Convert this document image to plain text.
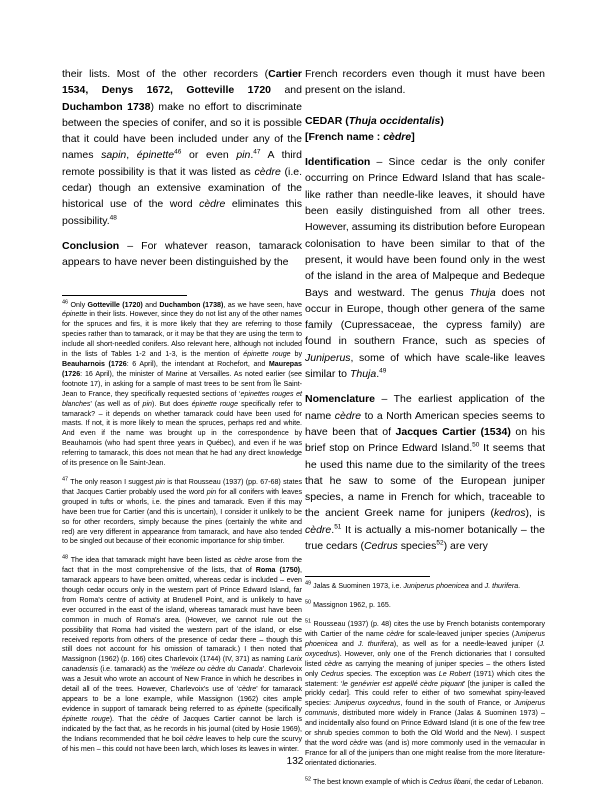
their lists. Most of the other recorders (Cartier 1534, Denys 1672, Gotteville 1720 and Duchambon 1738) make no effort to discriminate between the species of conifer, and so it is possible that it could have been included under any of the names sapin, épinette$^{46}$ or even pin.$^{47}$ A third remote possibility is that it was listed as cèdre (i.e. cedar) though an extensive examination of the historical use of the word cèdre eliminates this possibility.$^{48}$

Conclusion – For whatever reason, tamarack appears to have never been distinguished by the

$^{46}$ Only Gotteville (1720) and Duchambon (1738), as we have seen, have épinette in their lists. However, since they do not list any of the other names for the spruces and firs, it is more likely that they are referring to those species rather than to tamarack, or it may be that they are using the term to include all short-needled conifers. Also relevant here, although not included in the lists of Tables 1-2 and 1-3, is the mention of épinette rouge by Beauharnois (1726: 6 April), the intendant at Rochefort, and Maurepas (1726: 16 April), the minister of Marine at Versailles. As noted earlier (see footnote 17), in asking for a sample of mast trees to be sent from Île Saint-Jean to France, they specifically requested sections of ‘epinettes rouges et blanches’ (as well as of pin). But does épinette rouge specifically refer to tamarack? – it depends on whether tamarack could have been used for masts. If not, it is more likely to mean the spruces, perhaps red and white. And even if the name was brought up in the correspondence by Beauharnois (who had spent three years in Québec), and even if he was referring to tamarack, this does not mean that he had any direct knowledge of its presence on Île Saint-Jean.

$^{47}$ The only reason I suggest pin is that Rousseau (1937) (pp. 67-68) states that Jacques Cartier probably used the word pin for all conifers with leaves grouped in tufts or whorls, i.e. the pines and tamarack. Even if this may have been true for Cartier (and this is uncertain), I consider it unlikely to be so for other recorders, simply because the pines (certainly the white and red) are very different in appearance from tamarack, and have also tended to be singled out because of their economic importance for ship timber.

$^{48}$ The idea that tamarack might have been listed as cèdre arose from the fact that in the most comprehensive of the lists, that of Roma (1750), tamarack appears to have been omitted, whereas cedar is included – even though cedar occurs only in the western part of Prince Edward Island, far from Roma's centre of activity at Brudenell Point, and is unlikely to have ever occurred in the east of the island, whereas tamarack must have been common in much of Roma's area. (However, we cannot rule out the possibility that Roma had visited the western part of the island, or else received reports from others of the presence of cedar there – though this still does not account for his omission of tamarack.) I then noted that Massignon (1962) (p. 166) cites Charlevoix (1744) (IV, 371) as naming Larix canadensis (i.e. tamarack) as the ‘méleze ou cèdre du Canada’. Charlevoix was a Jesuit who wrote an account of New France in which he describes in detail all of the trees. However, Charlevoix's use of ‘cèdre’ for tamarack appears to be a lone example, while Massignon (1962) cites ample evidence in support of tamarack being referred to as épinette (specifically épinette rouge). That the cèdre of Jacques Cartier cannot be larch is indicated by the fact that, as he records in his journal (cited by Hosie 1969), the Indians recommended that he boil cèdre leaves to help cure the scurvy of his men – this could not have been larch, which loses its leaves in winter.

French recorders even though it must have been present on the island.

CEDAR (Thuja occidentalis)

[French name : cèdre]

Identification – Since cedar is the only conifer occurring on Prince Edward Island that has scale-like rather than needle-like leaves, it should have been easily distinguished from all other trees. However, assuming its distribution before European colonisation to have been similar to that of the present, it would have been found only in the west of the island in the area of Malpeque and Bedeque Bays and westward. The genus Thuja does not occur in Europe, though other genera of the same family (Cupressaceae, the cypress family) are found in southern France, such as species of Juniperus, some of which have scale-like leaves similar to Thuja.$^{49}$

Nomenclature – The earliest application of the name cèdre to a North American species seems to have been that of Jacques Cartier (1534) on his brief stop on Prince Edward Island.$^{50}$ It seems that he used this name due to the similarity of the trees that he saw to some of the European juniper species, a name in French for which, traceable to the ancient Greek name for junipers (kedros), is cèdre.$^{51}$ It is actually a mis-nomer botanically – the true cedars (Cedrus species$^{52}$) are very

$^{49}$ Jalas & Suominen 1973, i.e. Juniperus phoenicea and J. thurifera.

$^{50}$ Massignon 1962, p. 165.

$^{51}$ Rousseau (1937) (p. 48) cites the use by French botanists contemporary with Cartier of the name cèdre for scale-leaved juniper species (Juniperus phoenicea and J. thurifera), as well as for a needle-leaved juniper (J. oxycedrus). However, only one of the French dictionaries that I consulted listed cèdre as carrying the meaning of juniper species – the others listed only Cedrus species. The exception was Le Robert (1971) which cites the statement: ‘le genévrier est appellé cèdre piquant’ [the juniper is called the prickly cedar]. This could refer to either of two somewhat spiny-leaved species: Juniperus oxycedrus, found in the south of France, or Juniperus communis, distributed more widely in France (Jalas & Suominen 1973) – and incidentally also found on Prince Edward Island (it is one of the few tree or shrub species common to both the Old World and the New). I suspect that the word cèdre was (and is) more commonly used in the vernacular in France for all of the junipers than one might realise from the more literature-orientated dictionaries.

$^{52}$ The best known example of which is Cedrus libani, the cedar of Lebanon.

132
